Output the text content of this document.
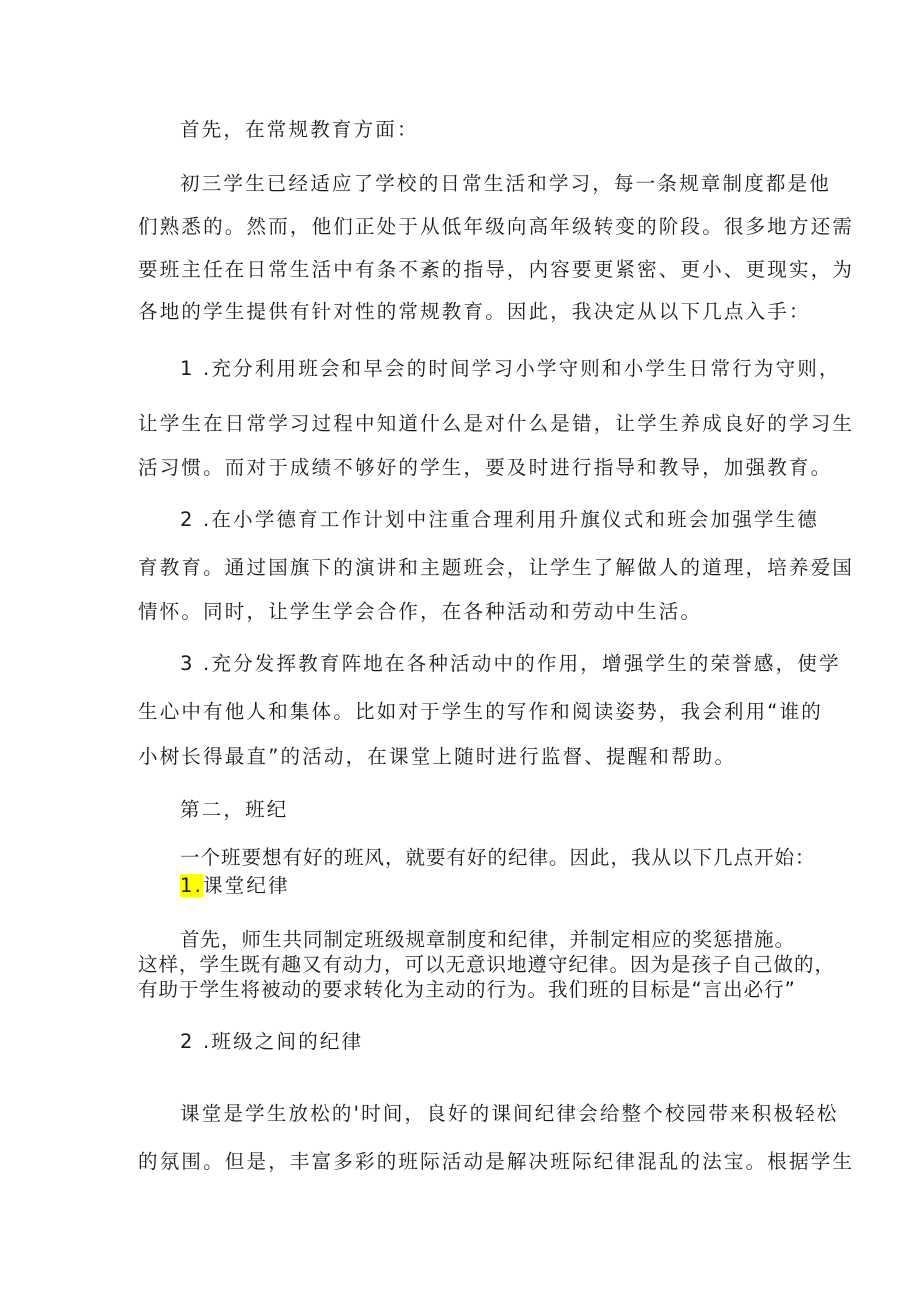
首先，在常规教育方面：
初三学生已经适应了学校的日常生活和学习，每一条规章制度都是他
们熟悉的。然而，他们正处于从低年级向高年级转变的阶段。很多地方还需
要班主任在日常生活中有条不紊的指导，内容要更紧密、更小、更现实，为
各地的学生提供有针对性的常规教育。因此，我决定从以下几点入手：
1 .充分利用班会和早会的时间学习小学守则和小学生日常行为守则，
让学生在日常学习过程中知道什么是对什么是错，让学生养成良好的学习生
活习惯。而对于成绩不够好的学生，要及时进行指导和教导，加强教育。
2 .在小学德育工作计划中注重合理利用升旗仪式和班会加强学生德
育教育。通过国旗下的演讲和主题班会，让学生了解做人的道理，培养爱国
情怀。同时，让学生学会合作，在各种活动和劳动中生活。
3 .充分发挥教育阵地在各种活动中的作用，增强学生的荣誉感，使学
生心中有他人和集体。比如对于学生的写作和阅读姿势，我会利用“谁的
小树长得最直”的活动，在课堂上随时进行监督、提醒和帮助。
第二，班纪
一个班要想有好的班风，就要有好的纪律。因此，我从以下几点开始：
1.课堂纪律
首先，师生共同制定班级规章制度和纪律，并制定相应的奖惩措施。
这样，学生既有趣又有动力，可以无意识地遵守纪律。因为是孩子自己做的，
有助于学生将被动的要求转化为主动的行为。我们班的目标是“言出必行”
2 .班级之间的纪律
课堂是学生放松的'时间，良好的课间纪律会给整个校园带来积极轻松
的氛围。但是，丰富多彩的班际活动是解决班际纪律混乱的法宝。根据学生
